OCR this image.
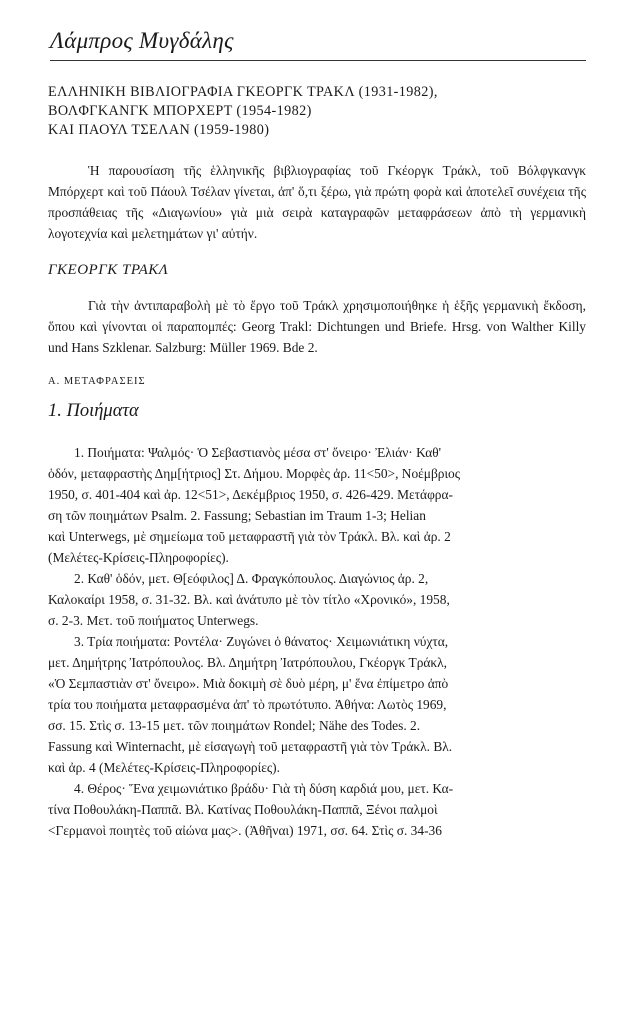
Λάμπρος Μυγδάλης
ΕΛΛΗΝΙΚΗ ΒΙΒΛΙΟΓΡΑΦΙΑ ΓΚΕΟΡΓΚ ΤΡΑΚΛ (1931-1982),
ΒΟΛΦΓΚΑΝΓΚ ΜΠΟΡΧΕΡΤ (1954-1982)
ΚΑΙ ΠΑΟΥΛ ΤΣΕΛΑΝ (1959-1980)

Ἡ παρουσίαση τῆς ἑλληνικῆς βιβλιογραφίας τοῦ Γκέοργκ Τράκλ, τοῦ Βόλφγκανγκ Μπόρχερτ καὶ τοῦ Πάουλ Τσέλαν γίνεται, ἀπ' ὅ,τι ξέρω, γιὰ πρώτη φορὰ καὶ ἀποτελεῖ συνέχεια τῆς προσπάθειας τῆς «Διαγωνίου» γιὰ μιὰ σειρὰ καταγραφῶν μεταφράσεων ἀπὸ τὴ γερμανικὴ λογοτεχνία καὶ μελετημάτων γι' αὐτήν.

ΓΚΕΟΡΓΚ ΤΡΑΚΛ

Γιὰ τὴν ἀντιπαραβολὴ μὲ τὸ ἔργο τοῦ Τράκλ χρησιμοποιήθηκε ἡ ἑξῆς γερμανικὴ ἔκδοση, ὅπου καὶ γίνονται οἱ παραπομπές: Georg Trakl: Dichtungen und Briefe. Hrsg. von Walther Killy und Hans Szklenar. Salzburg: Müller 1969. Bde 2.

Α. ΜΕΤΑΦΡΑΣΕΙΣ
1. Ποιήματα
1. Ποιήματα: Ψαλμός· Ὁ Σεβαστιανὸς μέσα στ' ὄνειρο· Ἐλιάν· Καθ'
ὁδόν, μεταφραστὴς Δημ[ήτριος] Στ. Δήμου. Μορφὲς ἀρ. 11<50>, Νοέμβριος
1950, σ. 401-404 καὶ ἀρ. 12<51>, Δεκέμβριος 1950, σ. 426-429. Μετάφρα-
ση τῶν ποιημάτων Psalm. 2. Fassung; Sebastian im Traum 1-3; Helian
καὶ Unterwegs, μὲ σημείωμα τοῦ μεταφραστῆ γιὰ τὸν Τράκλ. Βλ. καὶ ἀρ. 2
(Μελέτες-Κρίσεις-Πληροφορίες).
2. Καθ' ὁδόν, μετ. Θ[εόφιλος] Δ. Φραγκόπουλος. Διαγώνιος ἀρ. 2,
Καλοκαίρι 1958, σ. 31-32. Βλ. καὶ ἀνάτυπο μὲ τὸν τίτλο «Χρονικό», 1958,
σ. 2-3. Μετ. τοῦ ποιήματος Unterwegs.
3. Τρία ποιήματα: Ροντέλα· Ζυγώνει ὁ θάνατος· Χειμωνιάτικη νύχτα,
μετ. Δημήτρης Ἰατρόπουλος. Βλ. Δημήτρη Ἰατρόπουλου, Γκέοργκ Τράκλ,
«Ὁ Σεμπαστιὰν στ' ὄνειρο». Μιὰ δοκιμὴ σὲ δυὸ μέρη, μ' ἕνα ἐπίμετρο ἀπὸ
τρία του ποιήματα μεταφρασμένα ἀπ' τὸ πρωτότυπο. Ἀθήνα: Λωτὸς 1969,
σσ. 15. Στὶς σ. 13-15 μετ. τῶν ποιημάτων Rondel; Nähe des Todes. 2.
Fassung καὶ Winternacht, μὲ εἰσαγωγὴ τοῦ μεταφραστῆ γιὰ τὸν Τράκλ. Βλ.
καὶ ἀρ. 4 (Μελέτες-Κρίσεις-Πληροφορίες).
4. Θέρος· Ἕνα χειμωνιάτικο βράδυ· Γιὰ τὴ δύση καρδιά μου, μετ. Κα-
τίνα Ποθουλάκη-Παππᾶ. Βλ. Κατίνας Ποθουλάκη-Παππᾶ, Ξένοι παλμοὶ
<Γερμανοὶ ποιητὲς τοῦ αἰώνα μας>. (Ἀθῆναι) 1971, σσ. 64. Στὶς σ. 34-36
